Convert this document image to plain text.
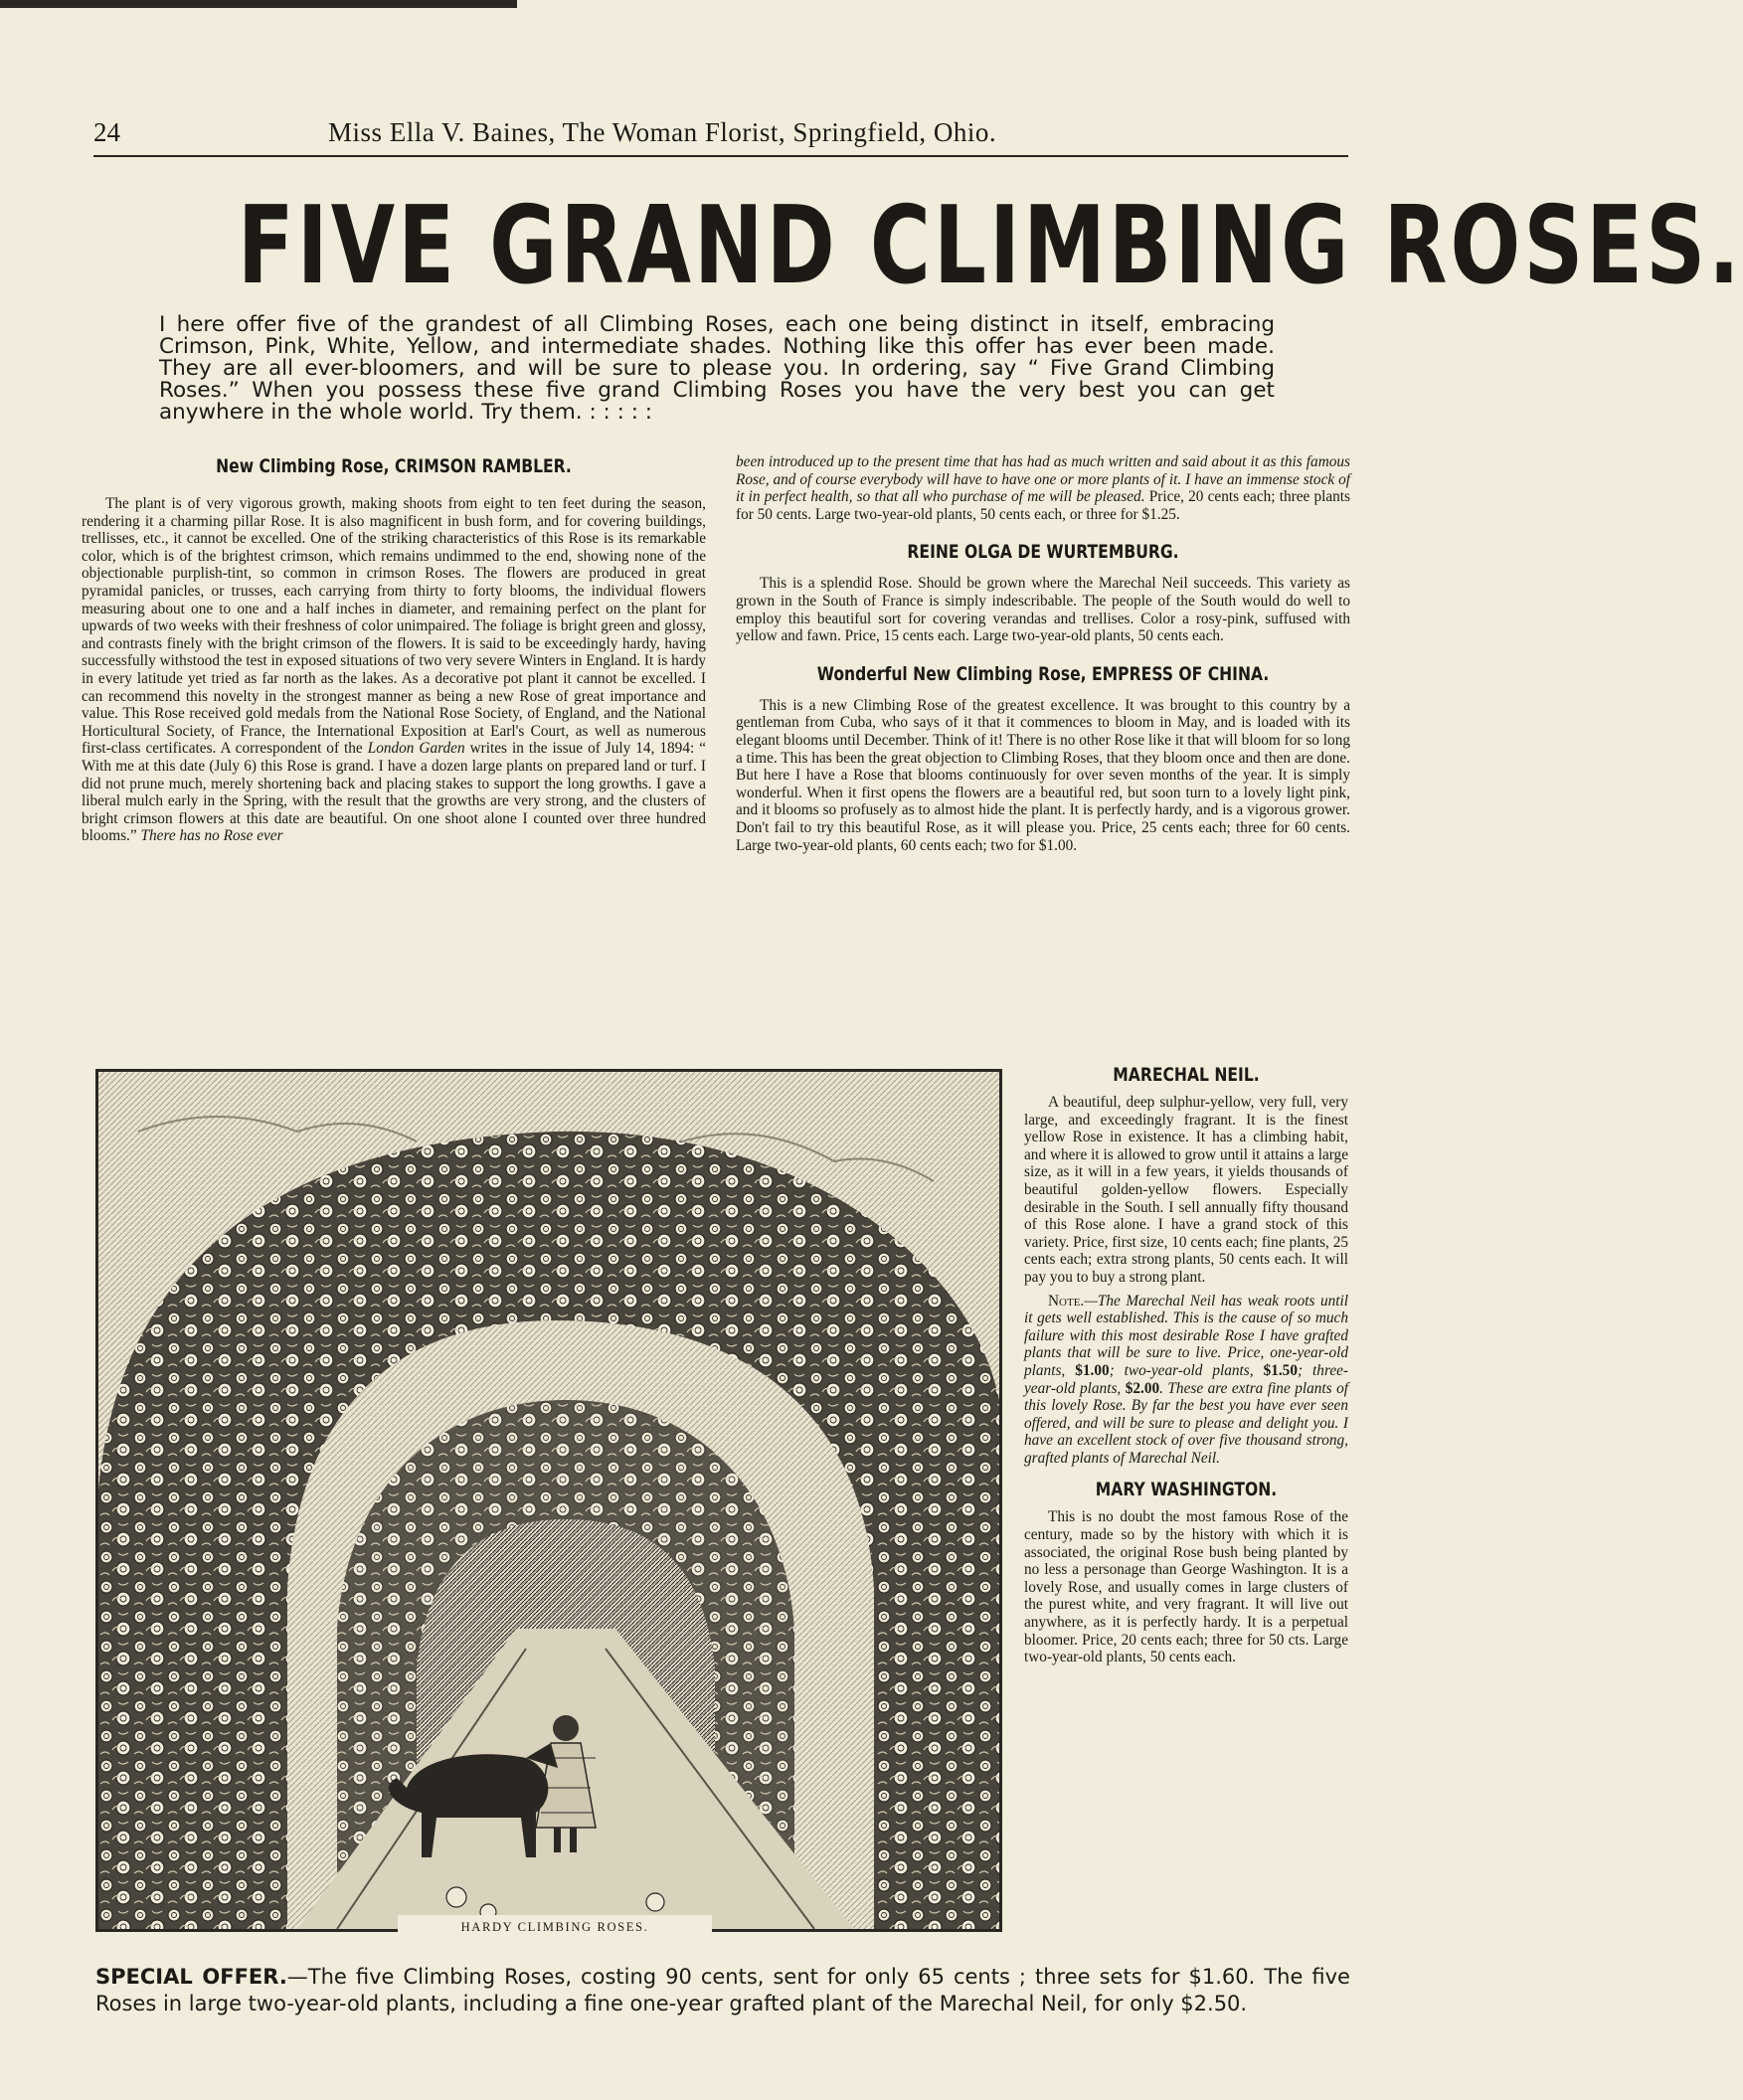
24	Miss Ella V. Baines, The Woman Florist, Springfield, Ohio.
FIVE GRAND CLIMBING ROSES.

I here offer five of the grandest of all Climbing Roses, each one being distinct in itself, embracing Crimson, Pink, White, Yellow, and intermediate shades. Nothing like this offer has ever been made. They are all ever-bloomers, and will be sure to please you. In ordering, say “ Five Grand Climbing Roses.” When you possess these five grand Climbing Roses you have the very best you can get anywhere in the whole world. Try them. : : : : :

New Climbing Rose, CRIMSON RAMBLER.

The plant is of very vigorous growth, making shoots from eight to ten feet during the season, rendering it a charming pillar Rose. It is also magnificent in bush form, and for covering buildings, trellisses, etc., it cannot be excelled. One of the striking characteristics of this Rose is its remarkable color, which is of the brightest crimson, which remains undimmed to the end, showing none of the objectionable purplish-tint, so common in crimson Roses. The flowers are produced in great pyramidal panicles, or trusses, each carrying from thirty to forty blooms, the individual flowers measuring about one to one and a half inches in diameter, and remaining perfect on the plant for upwards of two weeks with their freshness of color unimpaired. The foliage is bright green and glossy, and contrasts finely with the bright crimson of the flowers. It is said to be exceedingly hardy, having successfully withstood the test in exposed situations of two very severe Winters in England. It is hardy in every latitude yet tried as far north as the lakes. As a decorative pot plant it cannot be excelled. I can recommend this novelty in the strongest manner as being a new Rose of great importance and value. This Rose received gold medals from the National Rose Society, of England, and the National Horticultural Society, of France, the International Exposition at Earl's Court, as well as numerous first-class certificates. A correspondent of the London Garden writes in the issue of July 14, 1894: “ With me at this date (July 6) this Rose is grand. I have a dozen large plants on prepared land or turf. I did not prune much, merely shortening back and placing stakes to support the long growths. I gave a liberal mulch early in the Spring, with the result that the growths are very strong, and the clusters of bright crimson flowers at this date are beautiful. On one shoot alone I counted over three hundred blooms.” There has no Rose ever

been introduced up to the present time that has had as much written and said about it as this famous Rose, and of course everybody will have to have one or more plants of it. I have an immense stock of it in perfect health, so that all who purchase of me will be pleased. Price, 20 cents each; three plants for 50 cents. Large two-year-old plants, 50 cents each, or three for $1.25.

REINE OLGA DE WURTEMBURG.

This is a splendid Rose. Should be grown where the Marechal Neil succeeds. This variety as grown in the South of France is simply indescribable. The people of the South would do well to employ this beautiful sort for covering verandas and trellises. Color a rosy-pink, suffused with yellow and fawn. Price, 15 cents each. Large two-year-old plants, 50 cents each.

Wonderful New Climbing Rose, EMPRESS OF CHINA.

This is a new Climbing Rose of the greatest excellence. It was brought to this country by a gentleman from Cuba, who says of it that it commences to bloom in May, and is loaded with its elegant blooms until December. Think of it! There is no other Rose like it that will bloom for so long a time. This has been the great objection to Climbing Roses, that they bloom once and then are done. But here I have a Rose that blooms continuously for over seven months of the year. It is simply wonderful. When it first opens the flowers are a beautiful red, but soon turn to a lovely light pink, and it blooms so profusely as to almost hide the plant. It is perfectly hardy, and is a vigorous grower. Don't fail to try this beautiful Rose, as it will please you. Price, 25 cents each; three for 60 cents. Large two-year-old plants, 60 cents each; two for $1.00.

HARDY CLIMBING ROSES.
MARECHAL NEIL.

A beautiful, deep sulphur-yellow, very full, very large, and exceedingly fragrant. It is the finest yellow Rose in existence. It has a climbing habit, and where it is allowed to grow until it attains a large size, as it will in a few years, it yields thousands of beautiful golden-yellow flowers. Especially desirable in the South. I sell annually fifty thousand of this Rose alone. I have a grand stock of this variety. Price, first size, 10 cents each; fine plants, 25 cents each; extra strong plants, 50 cents each. It will pay you to buy a strong plant.

Note.—The Marechal Neil has weak roots until it gets well established. This is the cause of so much failure with this most desirable Rose I have grafted plants that will be sure to live. Price, one-year-old plants, $1.00; two-year-old plants, $1.50; three-year-old plants, $2.00. These are extra fine plants of this lovely Rose. By far the best you have ever seen offered, and will be sure to please and delight you. I have an excellent stock of over five thousand strong, grafted plants of Marechal Neil.

MARY WASHINGTON.

This is no doubt the most famous Rose of the century, made so by the history with which it is associated, the original Rose bush being planted by no less a personage than George Washington. It is a lovely Rose, and usually comes in large clusters of the purest white, and very fragrant. It will live out anywhere, as it is perfectly hardy. It is a perpetual bloomer. Price, 20 cents each; three for 50 cts. Large two-year-old plants, 50 cents each.

SPECIAL OFFER.—The five Climbing Roses, costing 90 cents, sent for only 65 cents ; three sets for $1.60. The five Roses in large two-year-old plants, including a fine one-year grafted plant of the Marechal Neil, for only $2.50.
